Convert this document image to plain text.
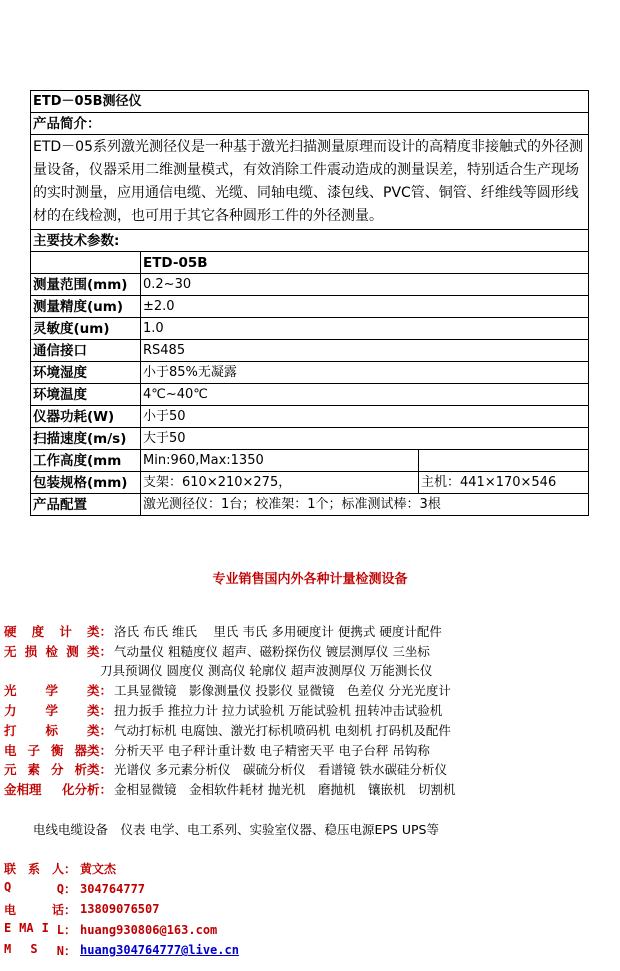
ETD－05B测径仪		
产品简介：		
ETD－05系列激光测径仪是一种基于激光扫描测量原理而设计的高精度非接触式的外径测量设备，仪器采用二维测量模式，有效消除工件震动造成的测量误差，特别适合生产现场的实时测量，应用通信电缆、光缆、同轴电缆、漆包线、PVC管、铜管、纤维线等圆形线材的在线检测，也可用于其它各种圆形工件的外径测量。		
主要技术参数:		
	ETD-05B	
测量范围(mm)	0.2~30	
测量精度(um)	±2.0	
灵敏度(um)	1.0	
通信接口	RS485	
环境湿度	小于85%无凝露	
环境温度	4℃~40℃	
仪器功耗(W)	小于50	
扫描速度(m/s)	大于50	
工作高度(mm	Min:960,Max:1350	
包装规格(mm)	支架：610×210×275，	主机：441×170×546
产品配置	激光测径仪：1台；校准架：1个；标准测试棒：3根	
专业销售国内外各种计量检测设备
硬 度 计 类： 洛氏 布氏 维氏　 里氏 韦氏 多用硬度计 便携式 硬度计配件
无 损 检 测 类： 气动量仪 粗糙度仪 超声、磁粉探伤仪 镀层测厚仪 三坐标
刀具预调仪 圆度仪 测高仪 轮廓仪 超声波测厚仪 万能测长仪
光 学 类： 工具显微镜　影像测量仪 投影仪 显微镜　色差仪 分光光度计
力 学 类： 扭力扳手 推拉力计 拉力试验机 万能试验机 扭转冲击试验机
打 标 类： 气动打标机 电腐蚀、激光打标机喷码机 电刻机 打码机及配件
电 子 衡 器类： 分析天平 电子秤计重计数 电子精密天平 电子台秤 吊钩称
元 素 分 析类： 光谱仪 多元素分析仪　碳硫分析仪　看谱镜 铁水碳硅分析仪
金相理 化分析： 金相显微镜　金相软件耗材 抛光机　磨抛机　镶嵌机　切割机
电线电缆设备　仪表 电学、电工系列、实验室仪器、稳压电源EPS UPS等
联 系 人： 黄文杰
Q	Q： 304764777
电	话： 13809076507
E MA I L： huang930806@163.com
M S N： huang304764777@live.cn
